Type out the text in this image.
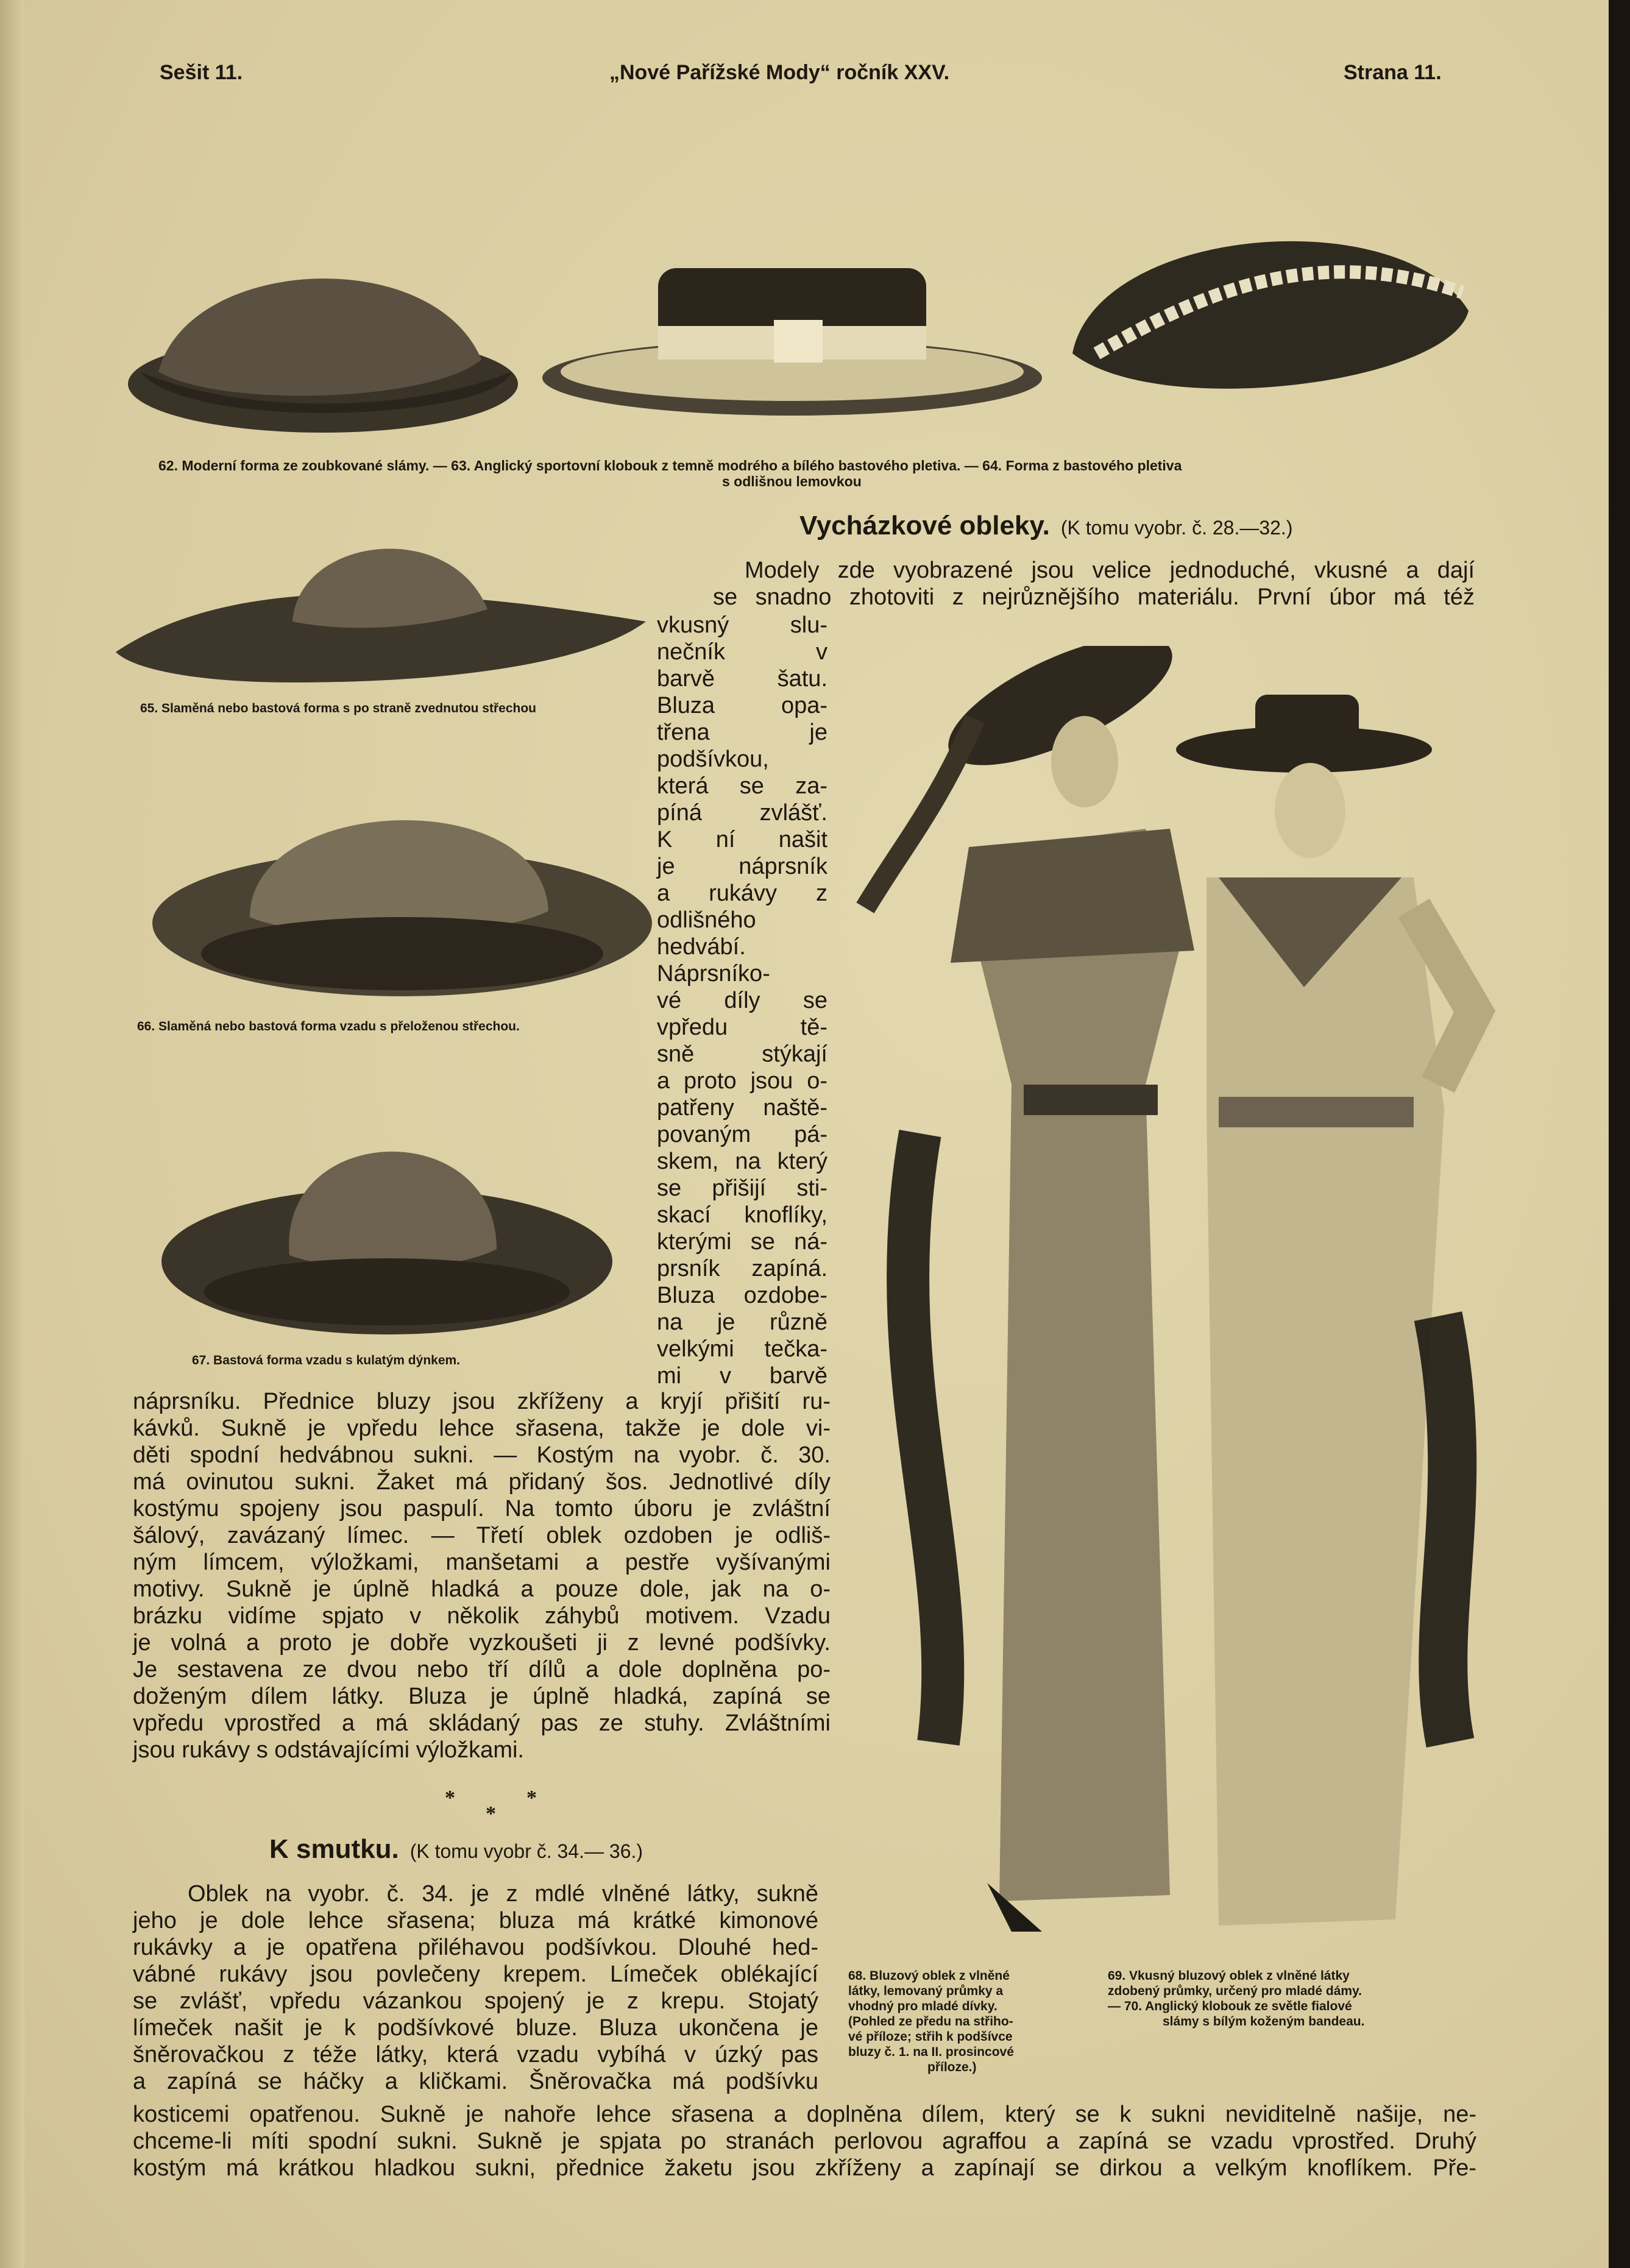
Sešit 11.	„Nové Pařížské Mody“ ročník XXV.	Strana 11.
62. Moderní forma ze zoubkované slámy. — 63. Anglický sportovní klobouk z temně modrého a bílého bastového pletiva. — 64. Forma z bastového pletiva
s odlišnou lemovkou
65. Slaměná nebo bastová forma s po straně zvednutou střechou
66. Slaměná nebo bastová forma vzadu s přeloženou střechou.
67. Bastová forma vzadu s kulatým dýnkem.
68. Bluzový oblek z vlněné
látky, lemovaný průmky a
vhodný pro mladé dívky.
(Pohled ze předu na střiho-
vé příloze; střih k podšívce
bluzy č. 1. na II. prosincové
příloze.)
69. Vkusný bluzový oblek z vlněné látky
zdobený průmky, určený pro mladé dámy.
— 70. Anglický klobouk ze světle fialové
slámy s bílým koženým bandeau.
Vycházkové obleky. (K tomu vyobr. č. 28.—32.)
Modely zde vyobrazené jsou velice jednoduché, vkusné a dají
se snadno zhotoviti z nejrůznějšího materiálu. První úbor má též
vkusný slu-
nečník v
barvě šatu.
Bluza opa-
třena je
podšívkou,
která se za-
píná zvlášť.
K ní našit
je náprsník
a rukávy z
odlišného
hedvábí.
Náprsníko-
vé díly se
vpředu tě-
sně stýkají
a proto jsou o-
patřeny naště-
povaným pá-
skem, na který
se přišijí sti-
skací knoflíky,
kterými se ná-
prsník zapíná.
Bluza ozdobe-
na je různě
velkými tečka-
mi v barvě
náprsníku. Přednice bluzy jsou zkříženy a kryjí přišití ru-
kávků. Sukně je vpředu lehce sřasena, takže je dole vi-
děti spodní hedvábnou sukni. — Kostým na vyobr. č. 30.
má ovinutou sukni. Žaket má přidaný šos. Jednotlivé díly
kostýmu spojeny jsou paspulí. Na tomto úboru je zvláštní
šálový, zavázaný límec. — Třetí oblek ozdoben je odliš-
ným límcem, výložkami, manšetami a pestře vyšívanými
motivy. Sukně je úplně hladká a pouze dole, jak na o-
brázku vidíme spjato v několik záhybů motivem. Vzadu
je volná a proto je dobře vyzkoušeti ji z levné podšívky.
Je sestavena ze dvou nebo tří dílů a dole doplněna po-
doženým dílem látky. Bluza je úplně hladká, zapíná se
vpředu vprostřed a má skládaný pas ze stuhy. Zvláštními
jsou rukávy s odstávajícími výložkami.
***
K smutku. (K tomu vyobr č. 34.— 36.)
Oblek na vyobr. č. 34. je z mdlé vlněné látky, sukně
jeho je dole lehce sřasena; bluza má krátké kimonové
rukávky a je opatřena přiléhavou podšívkou. Dlouhé hed-
vábné rukávy jsou povlečeny krepem. Límeček oblékající
se zvlášť, vpředu vázankou spojený je z krepu. Stojatý
límeček našit je k podšívkové bluze. Bluza ukončena je
šněrovačkou z téže látky, která vzadu vybíhá v úzký pas
a zapíná se háčky a kličkami. Šněrovačka má podšívku
kosticemi opatřenou. Sukně je nahoře lehce sřasena a doplněna dílem, který se k sukni neviditelně našije, ne-
chceme-li míti spodní sukni. Sukně je spjata po stranách perlovou agraffou a zapíná se vzadu vprostřed. Druhý
kostým má krátkou hladkou sukni, přednice žaketu jsou zkříženy a zapínají se dirkou a velkým knoflíkem. Pře-
